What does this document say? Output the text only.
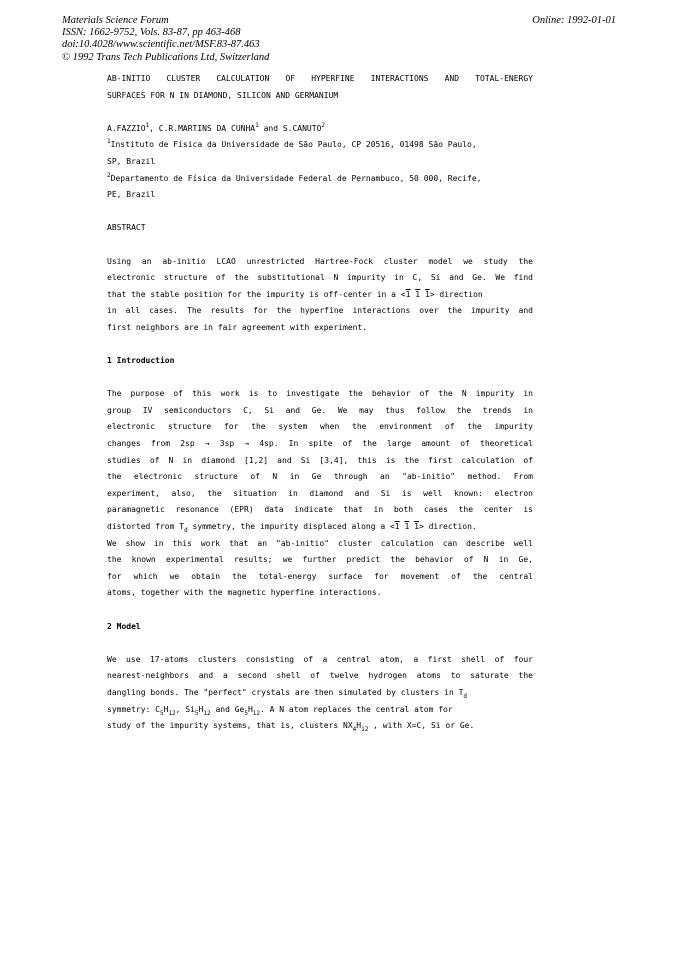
Materials Science Forum
ISSN: 1662-9752, Vols. 83-87, pp 463-468
doi:10.4028/www.scientific.net/MSF.83-87.463
© 1992 Trans Tech Publications Ltd, Switzerland
Online: 1992-01-01
AB-INITIO CLUSTER CALCULATION OF HYPERFINE INTERACTIONS AND TOTAL-ENERGY
SURFACES FOR N IN DIAMOND, SILICON AND GERMANIUM
A.FAZZIO$^1$, C.R.MARTINS DA CUNHA$^1$ and S.CANUTO$^2$
$^1$Instituto de Física da Universidade de São Paulo, CP 20516, 01498 São Paulo,
SP, Brazil
$^2$Departamento de Física da Universidade Federal de Pernambuco, 50 000, Recife,
PE, Brazil
ABSTRACT
Using an ab-initio LCAO unrestricted Hartree-Fock cluster model we study the
electronic structure of the substitutional N impurity in C, Si and Ge. We find
that the stable position for the impurity is off-center in a <1 1 1> direction
in all cases. The results for the hyperfine interactions over the impurity and
first neighbors are in fair agreement with experiment.
1 Introduction
The purpose of this work is to investigate the behavior of the N impurity in
group IV semiconductors C, Si and Ge. We may thus follow the trends in
electronic structure for the system when the environment of the impurity
changes from 2sp → 3sp → 4sp. In spite of the large amount of theoretical
studies of N in diamond [1,2] and Si [3,4], this is the first calculation of
the electronic structure of N in Ge through an "ab-initio" method. From
experiment, also, the situation in diamond and Si is well known: electron
paramagnetic resonance (EPR) data indicate that in both cases the center is
distorted from $T_d$ symmetry, the impurity displaced along a <1 1 1> direction.
We show in this work that an "ab-initio" cluster calculation can describe well
the known experimental results; we further predict the behavior of N in Ge,
for which we obtain the total-energy surface for movement of the central
atoms, together with the magnetic hyperfine interactions.
2 Model
We use 17-atoms clusters consisting of a central atom, a first shell of four
nearest-neighbors and a second shell of twelve hydrogen atoms to saturate the
dangling bonds. The "perfect" crystals are then simulated by clusters in $T_d$
symmetry: $C_5H_{12}$, $Si_5H_{12}$ and $Ge_5H_{12}$. A N atom replaces the central atom for
study of the impurity systems, that is, clusters $NX_4H_{12}$ , with X=C, Si or Ge.
